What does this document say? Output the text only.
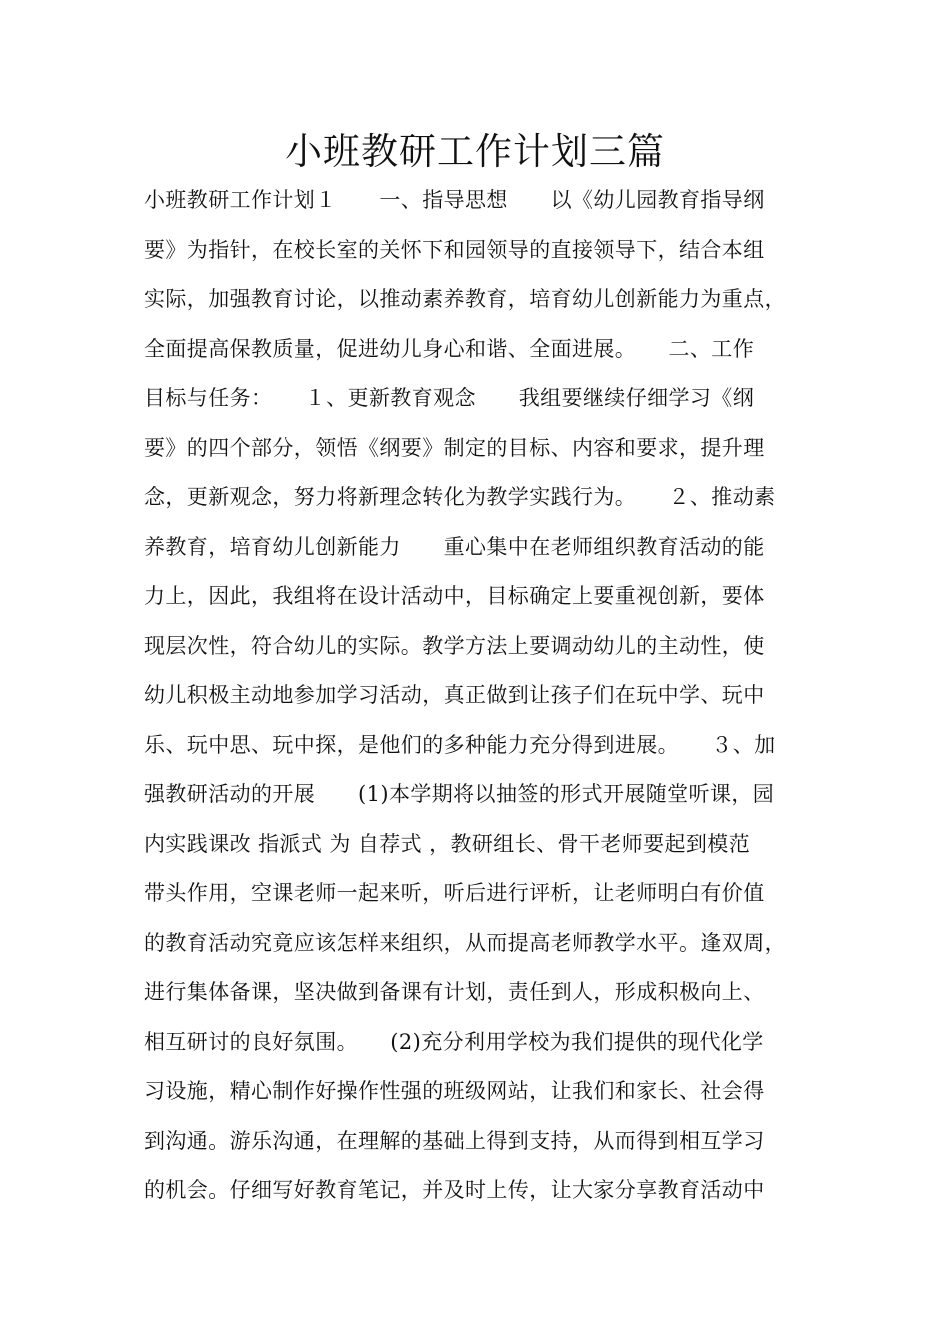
小班教研工作计划三篇
小班教研工作计划１　　一、指导思想　　以《幼儿园教育指导纲
要》为指针，在校长室的关怀下和园领导的直接领导下，结合本组
实际，加强教育讨论，以推动素养教育，培育幼儿创新能力为重点，
全面提高保教质量，促进幼儿身心和谐、全面进展。　　二、工作
目标与任务：　　１、更新教育观念　　我组要继续仔细学习《纲
要》的四个部分，领悟《纲要》制定的目标、内容和要求，提升理
念，更新观念，努力将新理念转化为教学实践行为。　　２、推动素
养教育，培育幼儿创新能力　　重心集中在老师组织教育活动的能
力上，因此，我组将在设计活动中，目标确定上要重视创新，要体
现层次性，符合幼儿的实际。教学方法上要调动幼儿的主动性，使
幼儿积极主动地参加学习活动，真正做到让孩子们在玩中学、玩中
乐、玩中思、玩中探，是他们的多种能力充分得到进展。　　３、加
强教研活动的开展　　(1)本学期将以抽签的形式开展随堂听课，园
内实践课改 指派式 为 自荐式 ，教研组长、骨干老师要起到模范
带头作用，空课老师一起来听，听后进行评析，让老师明白有价值
的教育活动究竟应该怎样来组织，从而提高老师教学水平。逢双周，
进行集体备课，坚决做到备课有计划，责任到人，形成积极向上、
相互研讨的良好氛围。　　(2)充分利用学校为我们提供的现代化学
习设施，精心制作好操作性强的班级网站，让我们和家长、社会得
到沟通。游乐沟通，在理解的基础上得到支持，从而得到相互学习
的机会。仔细写好教育笔记，并及时上传，让大家分享教育活动中
